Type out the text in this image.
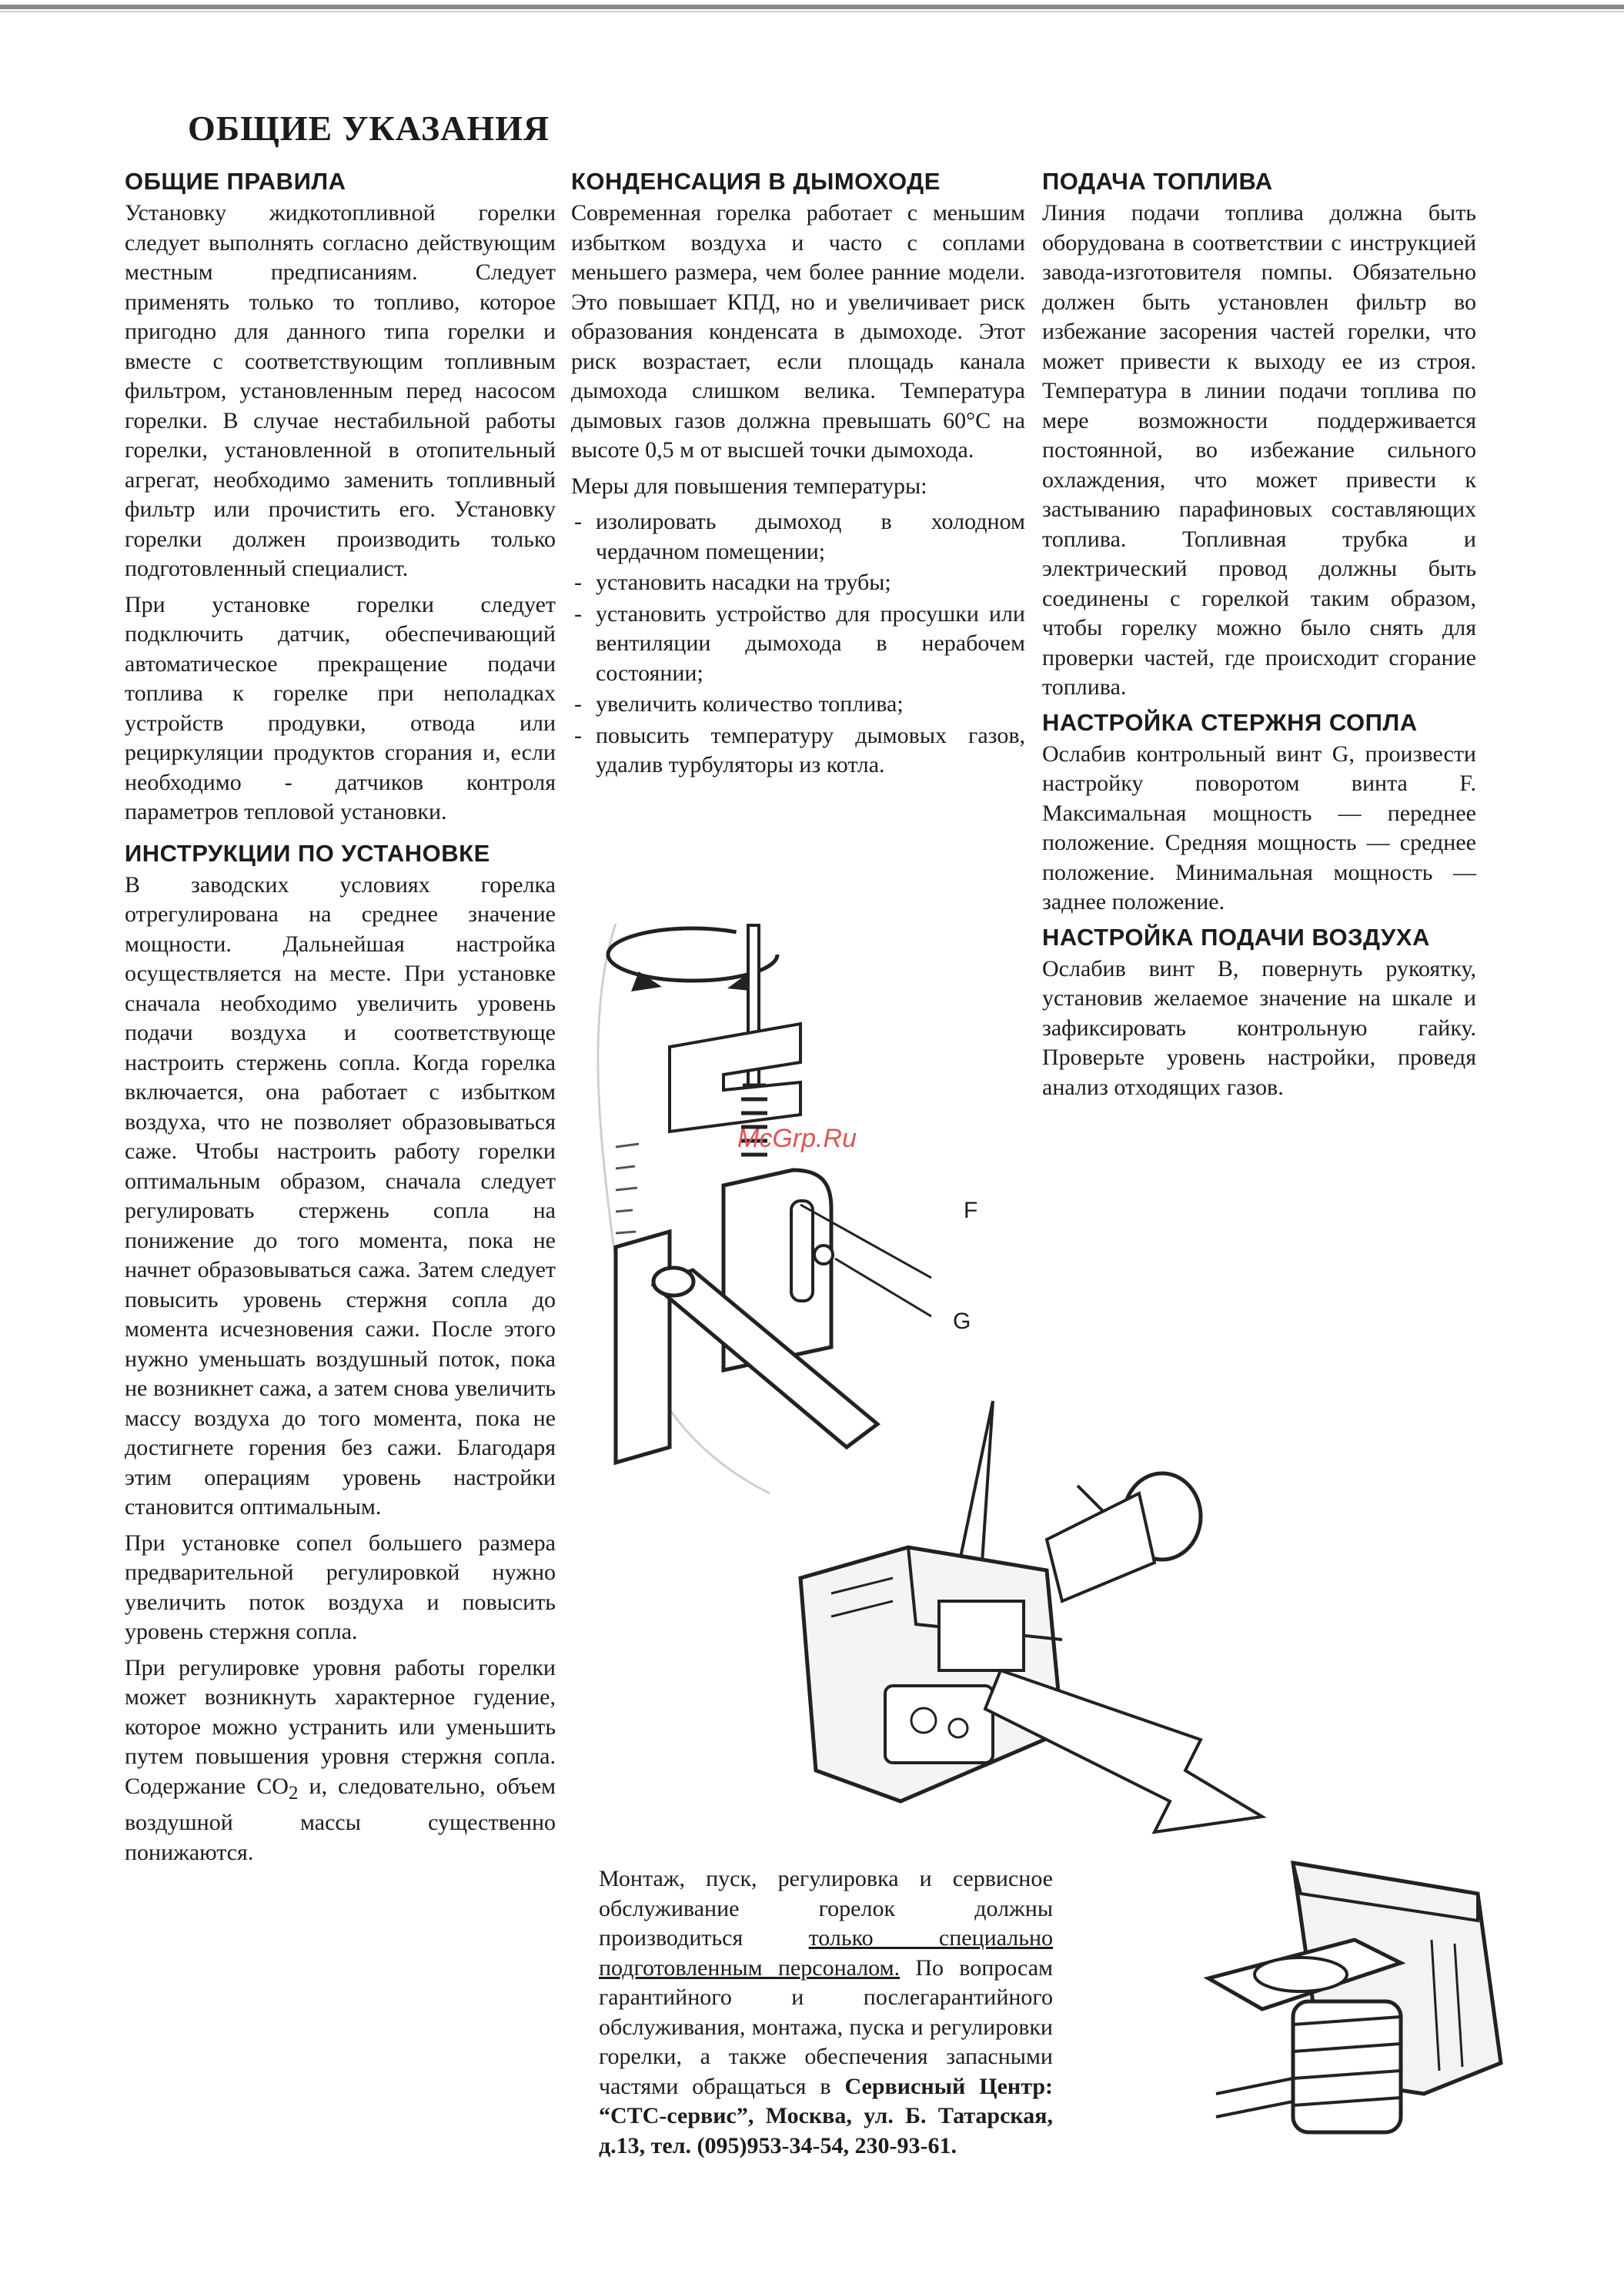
ОБЩИЕ УКАЗАНИЯ
ОБЩИЕ ПРАВИЛА

Установку жидкотопливной горелки следует выполнять согласно действующим местным предписаниям. Следует применять только то топливо, которое пригодно для данного типа горелки и вместе с соответствующим топливным фильтром, установленным перед насосом горелки. В случае нестабильной работы горелки, установленной в отопительный агрегат, необходимо заменить топливный фильтр или прочистить его. Установку горелки должен производить только подготовленный специалист.

При установке горелки следует подключить датчик, обеспечивающий автоматическое прекращение подачи топлива к горелке при неполадках устройств продувки, отвода или рециркуляции продуктов сгорания и, если необходимо - датчиков контроля параметров тепловой установки.

ИНСТРУКЦИИ ПО УСТАНОВКЕ

В заводских условиях горелка отрегулирована на среднее значение мощности. Дальнейшая настройка осуществляется на месте. При установке сначала необходимо увеличить уровень подачи воздуха и соответствующе настроить стержень сопла. Когда горелка включается, она работает с избытком воздуха, что не позволяет образовываться саже. Чтобы настроить работу горелки оптимальным образом, сначала следует регулировать стержень сопла на понижение до того момента, пока не начнет образовываться сажа. Затем следует повысить уровень стержня сопла до момента исчезновения сажи. После этого нужно уменьшать воздушный поток, пока не возникнет сажа, а затем снова увеличить массу воздуха до того момента, пока не достигнете горения без сажи. Благодаря этим операциям уровень настройки становится оптимальным.

При установке сопел большего размера предварительной регулировкой нужно увеличить поток воздуха и повысить уровень стержня сопла.

При регулировке уровня работы горелки может возникнуть характерное гудение, которое можно устранить или уменьшить путем повышения уровня стержня сопла. Содержание $CO_2$ и, следовательно, объем воздушной массы существенно понижаются.

КОНДЕНСАЦИЯ В ДЫМОХОДЕ

Современная горелка работает с меньшим избытком воздуха и часто с соплами меньшего размера, чем более ранние модели. Это повышает КПД, но и увеличивает риск образования конденсата в дымоходе. Этот риск возрастает, если площадь канала дымохода слишком велика. Температура дымовых газов должна превышать 60°С на высоте 0,5 м от высшей точки дымохода.

Меры для повышения температуры:

- изолировать дымоход в холодном чердачном помещении;
- установить насадки на трубы;
- установить устройство для просушки или вентиляции дымохода в нерабочем состоянии;
- увеличить количество топлива;
- повысить температуру дымовых газов, удалив турбуляторы из котла.
ПОДАЧА ТОПЛИВА

Линия подачи топлива должна быть оборудована в соответствии с инструкцией завода-изготовителя помпы. Обязательно должен быть установлен фильтр во избежание засорения частей горелки, что может привести к выходу ее из строя. Температура в линии подачи топлива по мере возможности поддерживается постоянной, во избежание сильного охлаждения, что может привести к застыванию парафиновых составляющих топлива. Топливная трубка и электрический провод должны быть соединены с горелкой таким образом, чтобы горелку можно было снять для проверки частей, где происходит сгорание топлива.

НАСТРОЙКА СТЕРЖНЯ СОПЛА

Ослабив контрольный винт G, произвести настройку поворотом винта F. Максимальная мощность — переднее положение. Средняя мощность — среднее положение. Минимальная мощность — заднее положение.

НАСТРОЙКА ПОДАЧИ ВОЗДУХА

Ослабив винт B, повернуть рукоятку, установив желаемое значение на шкале и зафиксировать контрольную гайку. Проверьте уровень настройки, проведя анализ отходящих газов.

F
G
McGrp.Ru
Монтаж, пуск, регулировка и сервисное обслуживание горелок должны производиться только специально подготовленным персоналом. По вопросам гарантийного и послегарантийного обслуживания, монтажа, пуска и регулировки горелки, а также обеспечения запасными частями обращаться в Сервисный Центр: “СТС-сервис”, Москва, ул. Б. Татарская, д.13, тел. (095)953-34-54, 230-93-61.
